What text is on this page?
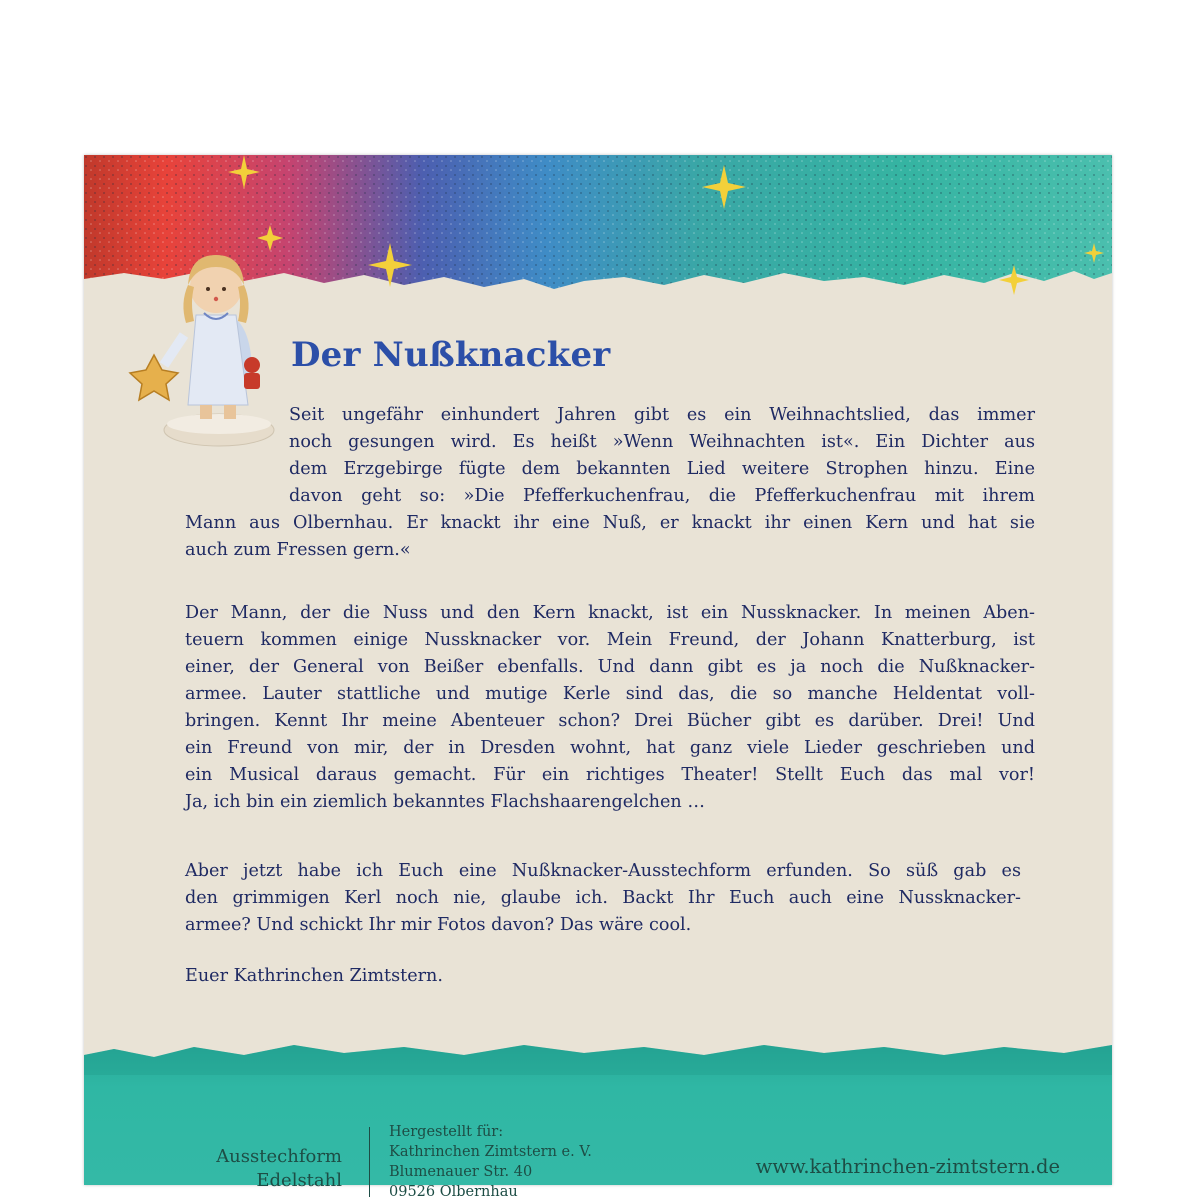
Der Nußknacker
Seit ungefähr einhundert Jahren gibt es ein Weihnachtslied, das immer
noch gesungen wird. Es heißt »Wenn Weihnachten ist«. Ein Dichter aus
dem Erzgebirge fügte dem bekannten Lied weitere Strophen hinzu. Eine
davon geht so: »Die Pfefferkuchenfrau, die Pfefferkuchenfrau mit ihrem
Mann aus Olbernhau. Er knackt ihr eine Nuß, er knackt ihr einen Kern und hat sie
auch zum Fressen gern.«
Der Mann, der die Nuss und den Kern knackt, ist ein Nussknacker. In meinen Aben-
teuern kommen einige Nussknacker vor. Mein Freund, der Johann Knatterburg, ist
einer, der General von Beißer ebenfalls. Und dann gibt es ja noch die Nußknacker-
armee. Lauter stattliche und mutige Kerle sind das, die so manche Heldentat voll-
bringen. Kennt Ihr meine Abenteuer schon? Drei Bücher gibt es darüber. Drei! Und
ein Freund von mir, der in Dresden wohnt, hat ganz viele Lieder geschrieben und
ein Musical daraus gemacht. Für ein richtiges Theater! Stellt Euch das mal vor!
Ja, ich bin ein ziemlich bekanntes Flachshaarengelchen …
Aber jetzt habe ich Euch eine Nußknacker-Ausstechform erfunden. So süß gab es
den grimmigen Kerl noch nie, glaube ich. Backt Ihr Euch auch eine Nussknacker-
armee? Und schickt Ihr mir Fotos davon? Das wäre cool.
Euer Kathrinchen Zimtstern.
Ausstechform
Edelstahl
Hergestellt für:
Kathrinchen Zimtstern e. V.
Blumenauer Str. 40
09526 Olbernhau
www.kathrinchen-zimtstern.de
